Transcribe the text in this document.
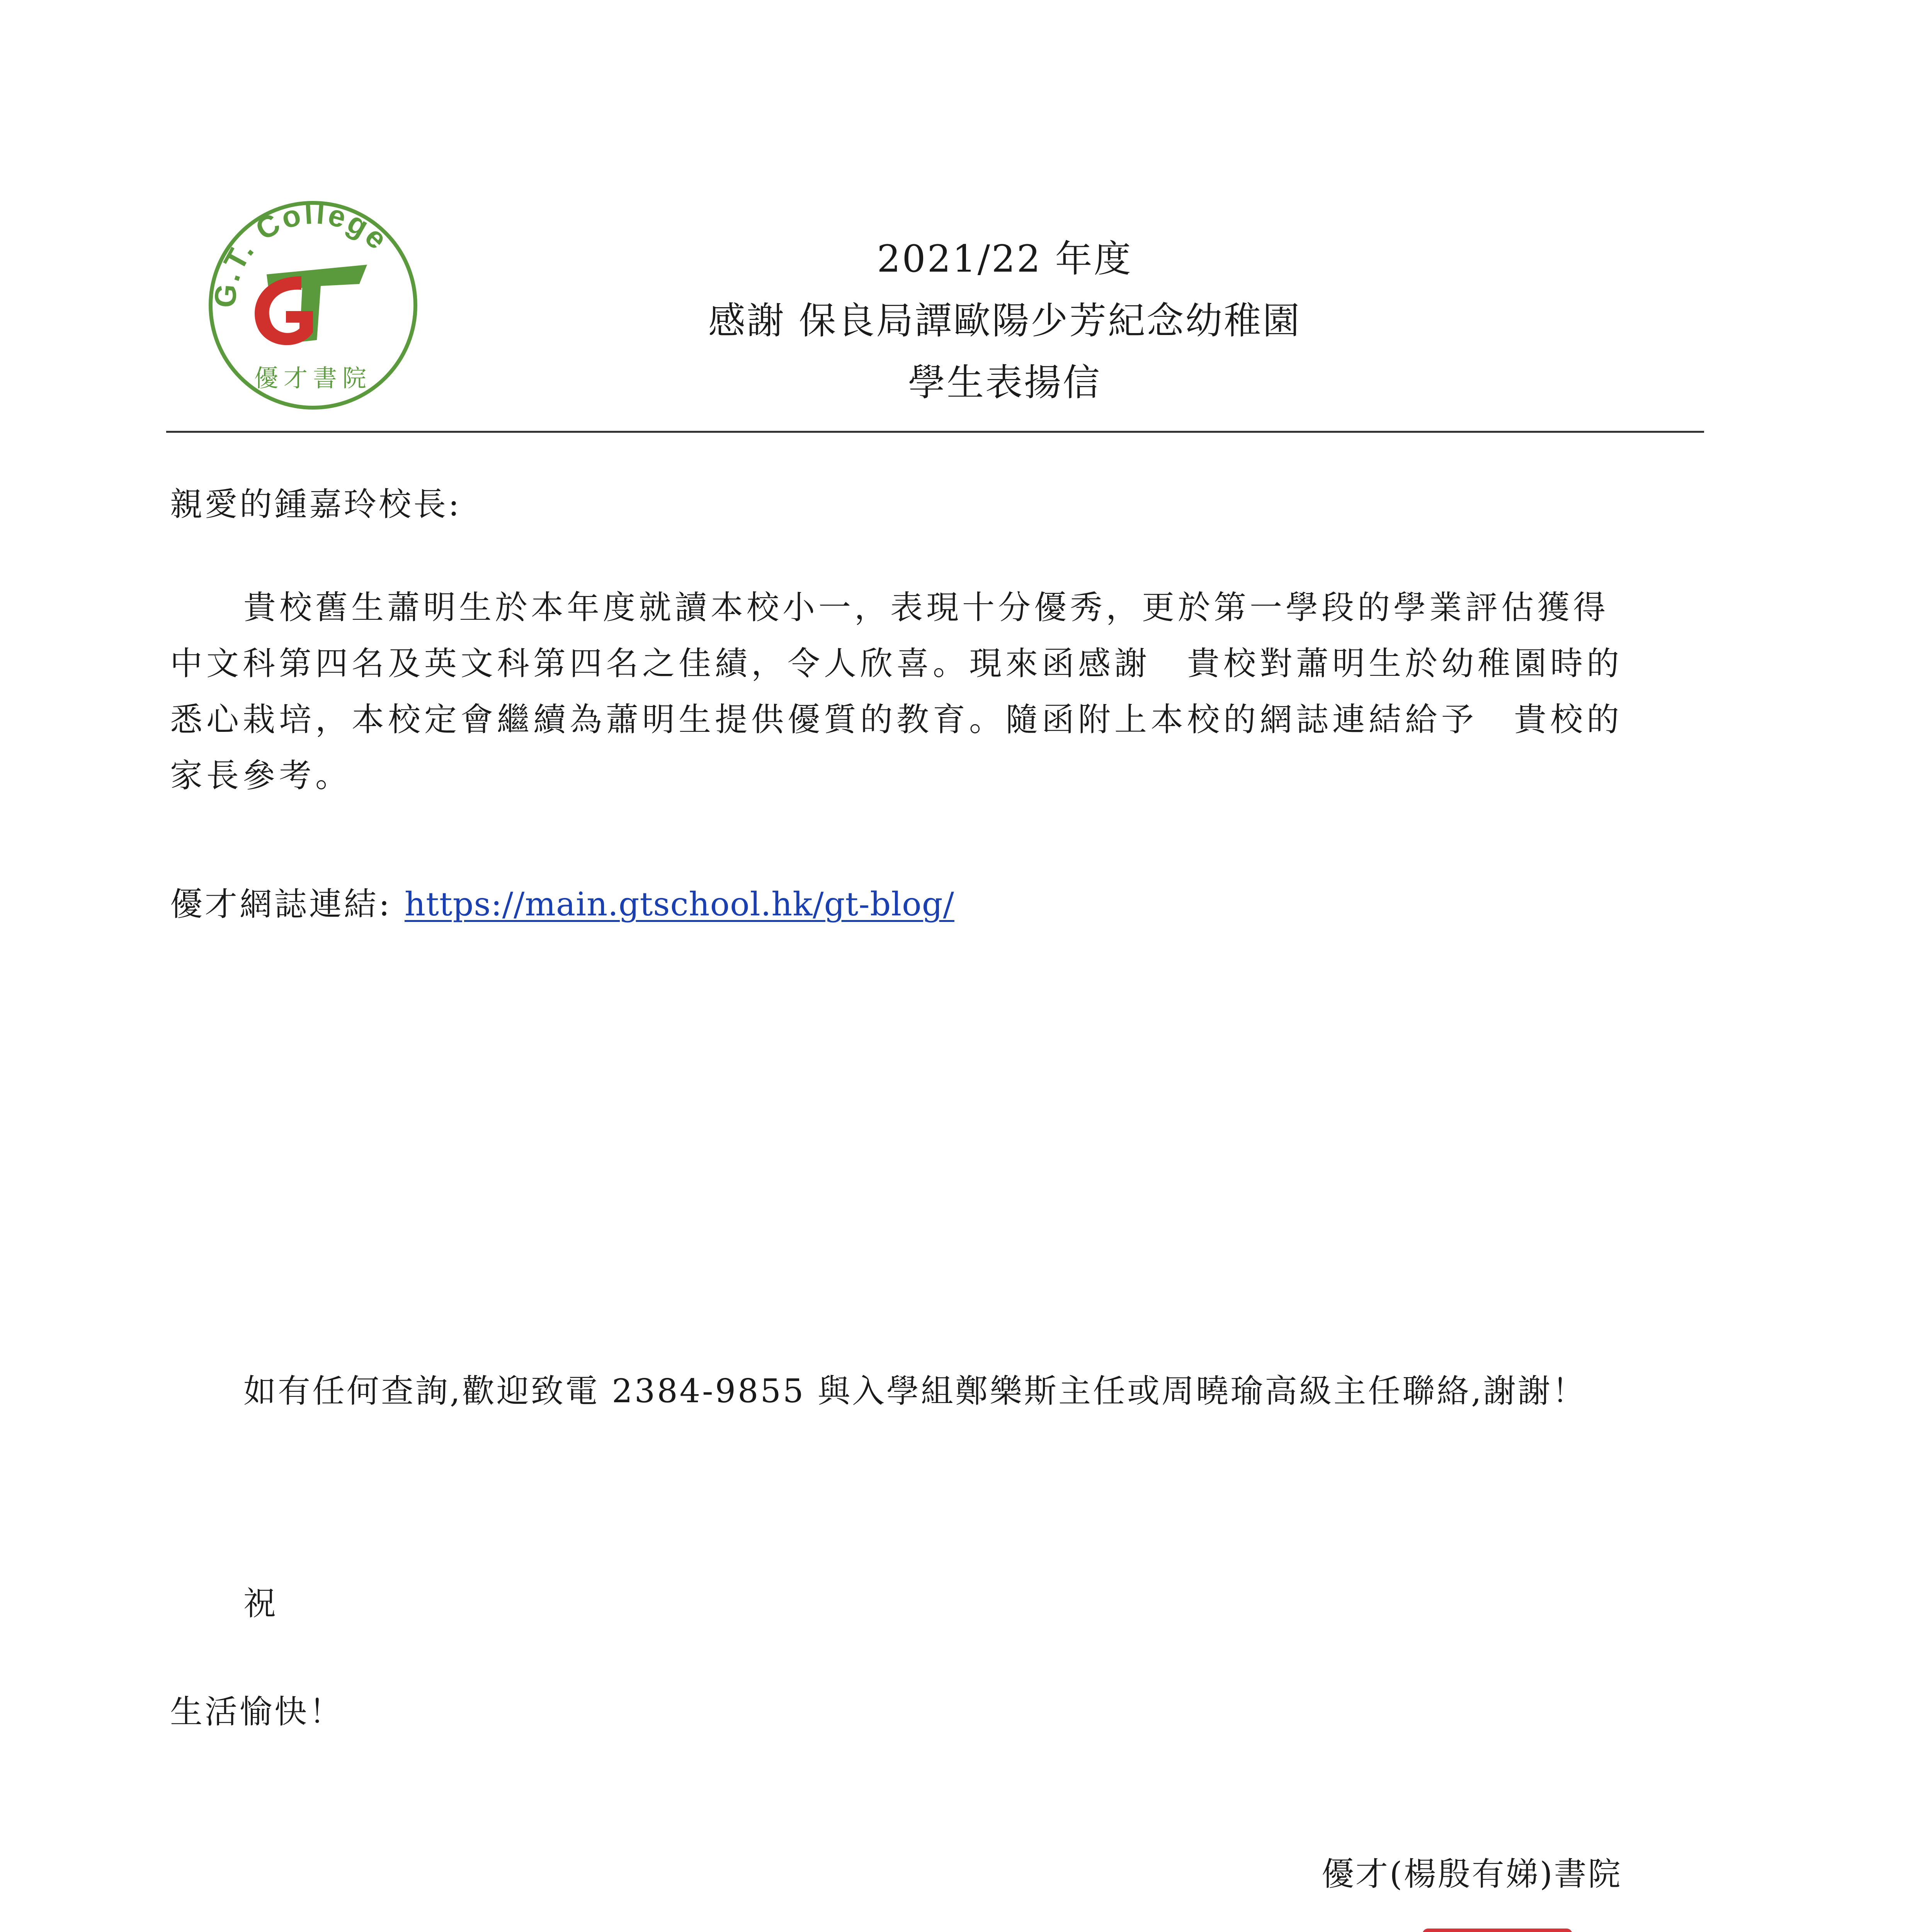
G.T. College
優才書院
2021/22 年度
感謝 保良局譚歐陽少芳紀念幼稚園
學生表揚信
親愛的鍾嘉玲校長:
貴校舊生蕭明生於本年度就讀本校小一，表現十分優秀，更於第一學段的學業評估獲得
中文科第四名及英文科第四名之佳績，令人欣喜。現來函感謝　貴校對蕭明生於幼稚園時的
悉心栽培，本校定會繼續為蕭明生提供優質的教育。隨函附上本校的網誌連結給予　貴校的
家長參考。
優才網誌連結: https://main.gtschool.hk/gt-blog/
如有任何查詢,歡迎致電 2384-9855 與入學組鄭樂斯主任或周曉瑜高級主任聯絡,謝謝！
祝
生活愉快！
優才(楊殷有娣)書院
